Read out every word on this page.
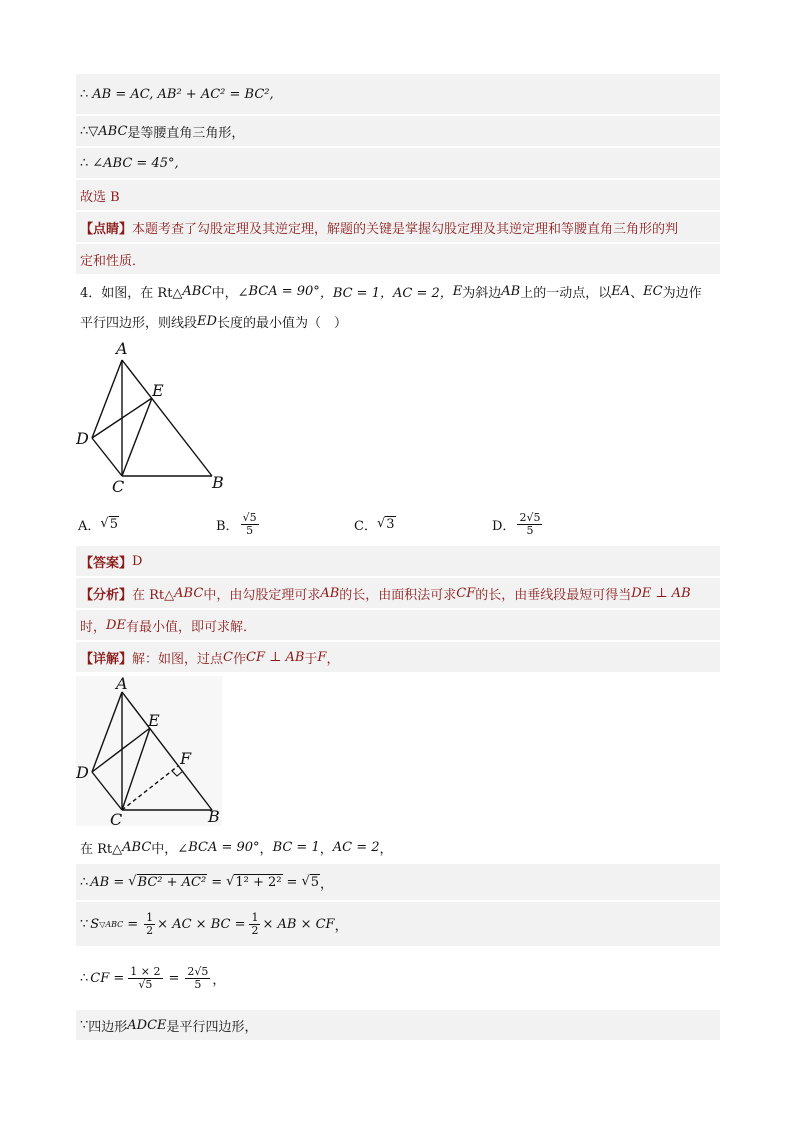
∴ AB = AC, AB² + AC² = BC²,
∴ ▽ABC 是等腰直角三角形，
∴ ∠ABC = 45°,
故选 B
【点睛】 本题考查了勾股定理及其逆定理，解题的关键是掌握勾股定理及其逆定理和等腰直角三角形的判
定和性质．
4．如图，在 Rt△ ABC 中，∠ BCA = 90° ，BC = 1， AC = 2， E 为斜边 AB 上的一动点，以 EA 、 EC 为边作
平行四边形，则线段 ED 长度的最小值为（　）
A
E
D
C	B
A． √ 5	B． $\frac{√5}{5}$	C． √ 3	D． $\frac{2√5}{5}$
【答案】 D
【分析】 在 Rt△ ABC 中，由勾股定理可求 AB 的长，由面积法可求 CF 的长，由垂线段最短可得当 DE ⊥ AB
时， DE 有最小值，即可求解．
【详解】 解：如图，过点 C 作 CF ⊥ AB 于 F ，
A
E
F
D
C	B
在 Rt△ ABC 中，∠ BCA = 90° ， BC = 1 ， AC = 2 ，
∴ AB = √ BC² + AC² = √ 1² + 2² = √ 5 ，
∵ S ▽ABC = $\frac{1}{2}$ × AC × BC = $\frac{1}{2}$ × AB × CF ，
∴ CF = $\frac{1 \times 2}{√5} = \frac{2√5}{5}$ ，
∵ 四边形 ADCE 是平行四边形，
